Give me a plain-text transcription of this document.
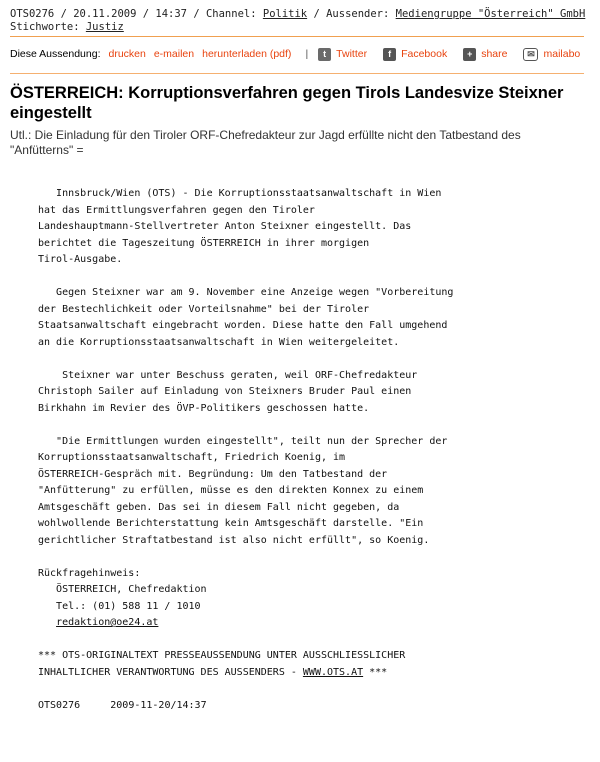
OTS0276 / 20.11.2009 / 14:37 / Channel: Politik / Aussender: Mediengruppe "Österreich" GmbH
Stichworte: Justiz
Diese Aussendung: drucken e-mailen herunterladen (pdf) |	t Twitter	f Facebook	+ share	✉ mailabo
ÖSTERREICH: Korruptionsverfahren gegen Tirols Landesvize Steixner eingestellt
Utl.: Die Einladung für den Tiroler ORF-Chefredakteur zur Jagd erfüllte nicht den Tatbestand des "Anfütterns" =

Innsbruck/Wien (OTS) - Die Korruptionsstaatsanwaltschaft in Wien

hat das Ermittlungsverfahren gegen den Tiroler

Landeshauptmann-Stellvertreter Anton Steixner eingestellt. Das

berichtet die Tageszeitung ÖSTERREICH in ihrer morgigen

Tirol-Ausgabe.

Gegen Steixner war am 9. November eine Anzeige wegen "Vorbereitung

der Bestechlichkeit oder Vorteilsnahme" bei der Tiroler

Staatsanwaltschaft eingebracht worden. Diese hatte den Fall umgehend

an die Korruptionsstaatsanwaltschaft in Wien weitergeleitet.

Steixner war unter Beschuss geraten, weil ORF-Chefredakteur

Christoph Sailer auf Einladung von Steixners Bruder Paul einen

Birkhahn im Revier des ÖVP-Politikers geschossen hatte.

"Die Ermittlungen wurden eingestellt", teilt nun der Sprecher der

Korruptionsstaatsanwaltschaft, Friedrich Koenig, im

ÖSTERREICH-Gespräch mit. Begründung: Um den Tatbestand der

"Anfütterung" zu erfüllen, müsse es den direkten Konnex zu einem

Amtsgeschäft geben. Das sei in diesem Fall nicht gegeben, da

wohlwollende Berichterstattung kein Amtsgeschäft darstelle. "Ein

gerichtlicher Straftatbestand ist also nicht erfüllt", so Koenig.

Rückfragehinweis:

ÖSTERREICH, Chefredaktion

Tel.: (01) 588 11 / 1010

redaktion@oe24.at

*** OTS-ORIGINALTEXT PRESSEAUSSENDUNG UNTER AUSSCHLIESSLICHER

INHALTLICHER VERANTWORTUNG DES AUSSENDERS - WWW.OTS.AT ***

OTS0276	2009-11-20/14:37
